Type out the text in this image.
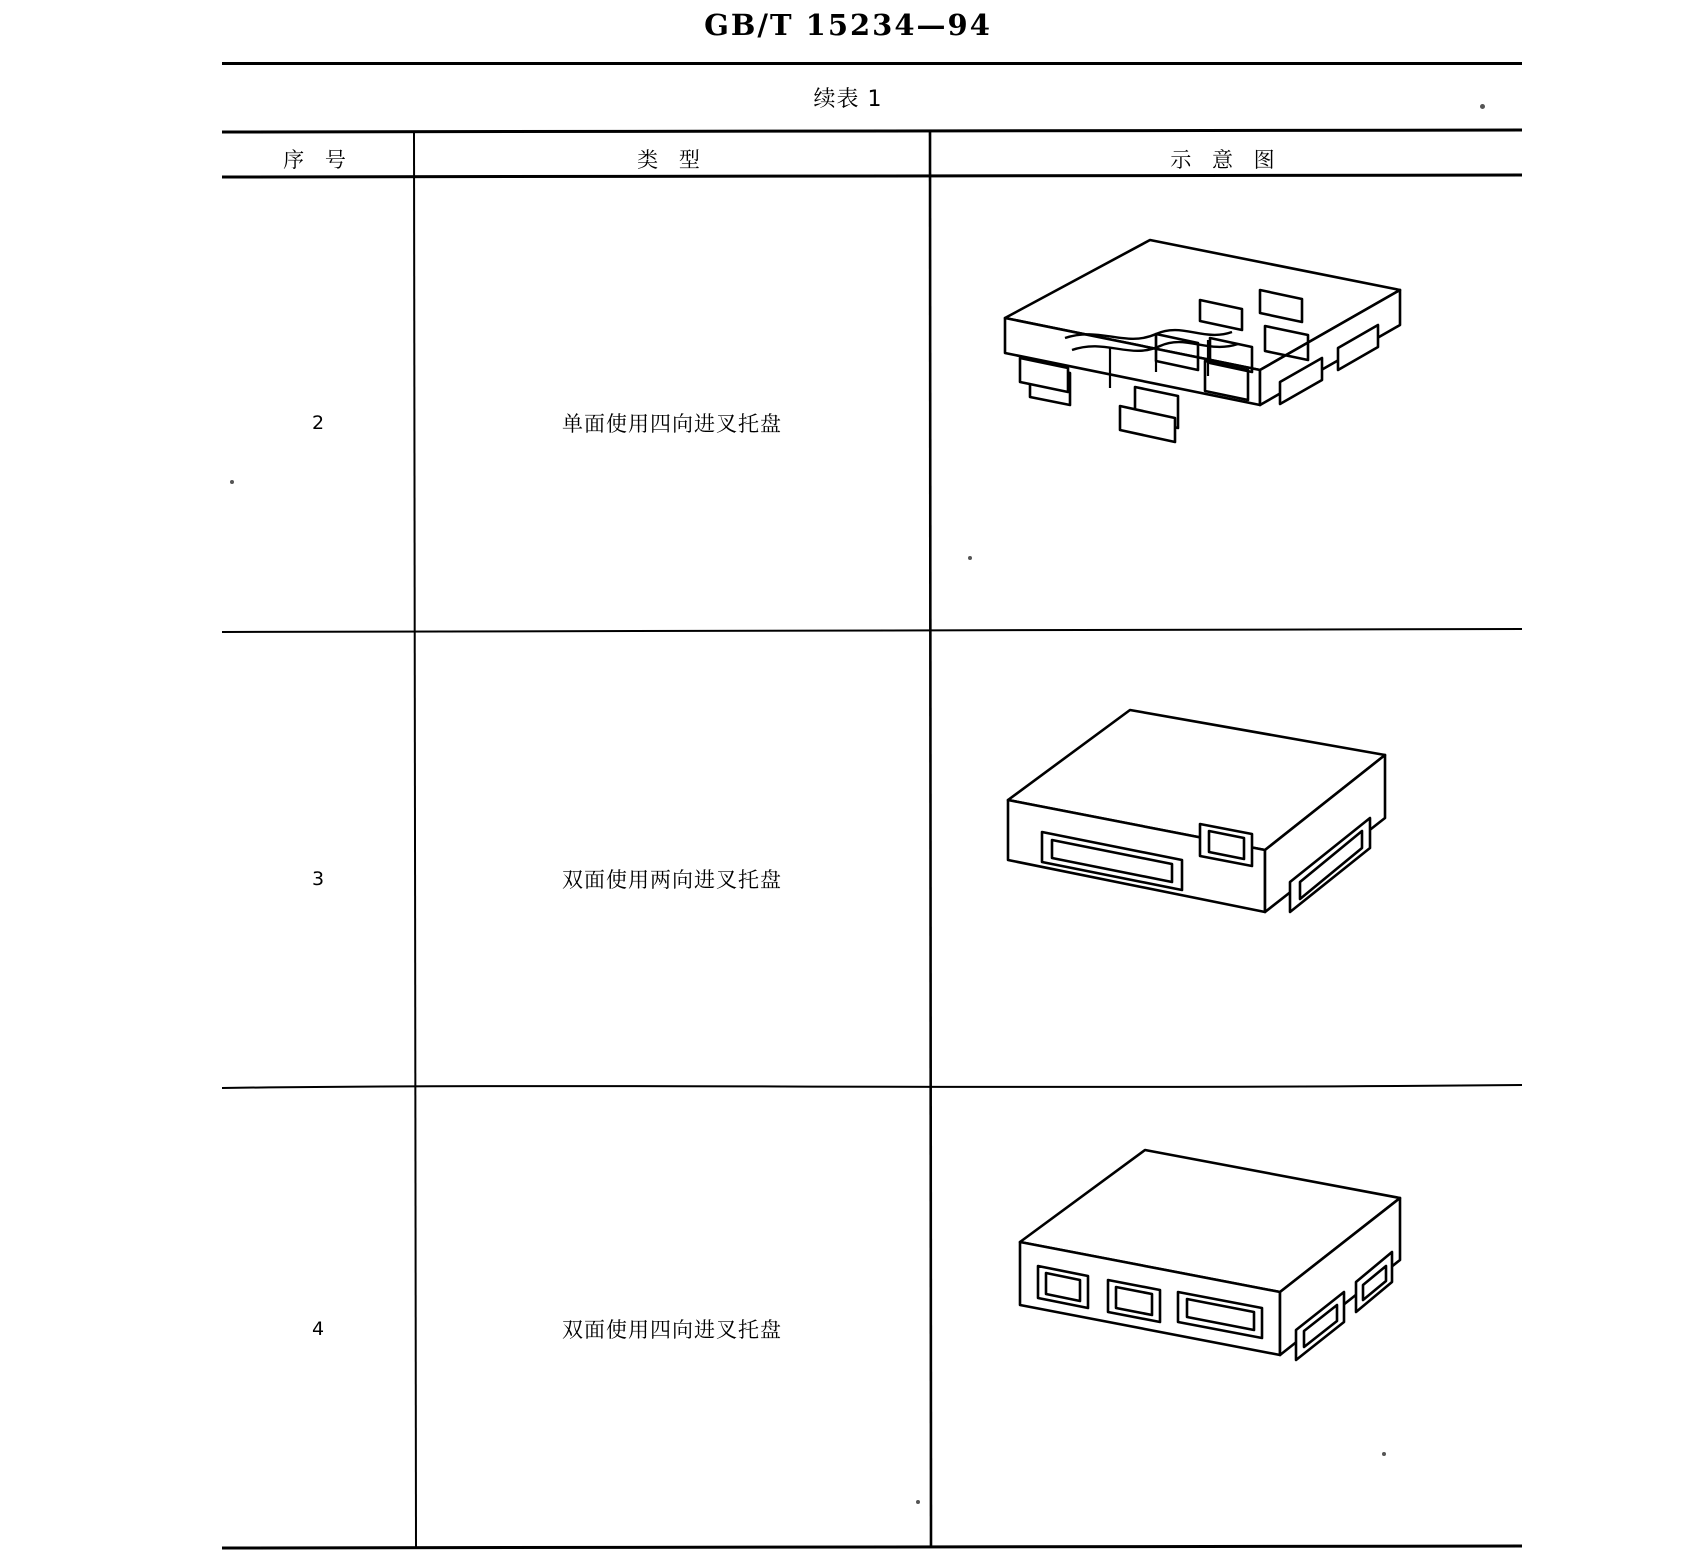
GB/T 15234—94
续表 1
序 号	类 型	示 意 图
2	单面使用四向进叉托盘
3	双面使用两向进叉托盘
4	双面使用四向进叉托盘
